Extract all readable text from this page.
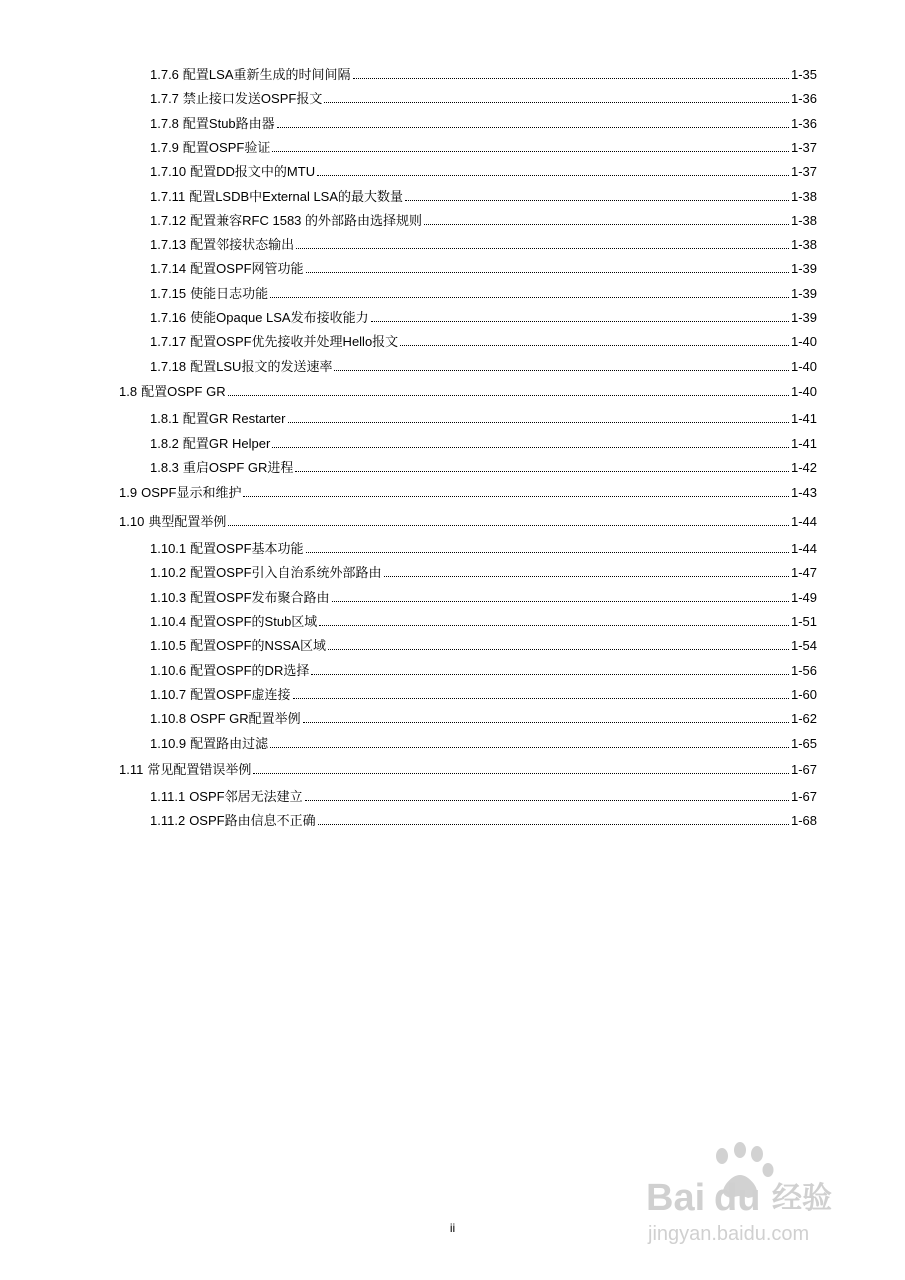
1.7.6 配置LSA重新生成的时间间隔	1-35
1.7.7 禁止接口发送OSPF报文	1-36
1.7.8 配置Stub路由器	1-36
1.7.9 配置OSPF验证	1-37
1.7.10 配置DD报文中的MTU	1-37
1.7.11 配置LSDB中External LSA的最大数量	1-38
1.7.12 配置兼容RFC 1583 的外部路由选择规则	1-38
1.7.13 配置邻接状态输出	1-38
1.7.14 配置OSPF网管功能	1-39
1.7.15 使能日志功能	1-39
1.7.16 使能Opaque LSA发布接收能力	1-39
1.7.17 配置OSPF优先接收并处理Hello报文	1-40
1.7.18 配置LSU报文的发送速率	1-40
1.8 配置OSPF GR	1-40
1.8.1 配置GR Restarter	1-41
1.8.2 配置GR Helper	1-41
1.8.3 重启OSPF GR进程	1-42
1.9 OSPF显示和维护	1-43
1.10 典型配置举例	1-44
1.10.1 配置OSPF基本功能	1-44
1.10.2 配置OSPF引入自治系统外部路由	1-47
1.10.3 配置OSPF发布聚合路由	1-49
1.10.4 配置OSPF的Stub区域	1-51
1.10.5 配置OSPF的NSSA区域	1-54
1.10.6 配置OSPF的DR选择	1-56
1.10.7 配置OSPF虚连接	1-60
1.10.8 OSPF GR配置举例	1-62
1.10.9 配置路由过滤	1-65
1.11 常见配置错误举例	1-67
1.11.1 OSPF邻居无法建立	1-67
1.11.2 OSPF路由信息不正确	1-68
ii
Bai du 经验
jingyan.baidu.com
